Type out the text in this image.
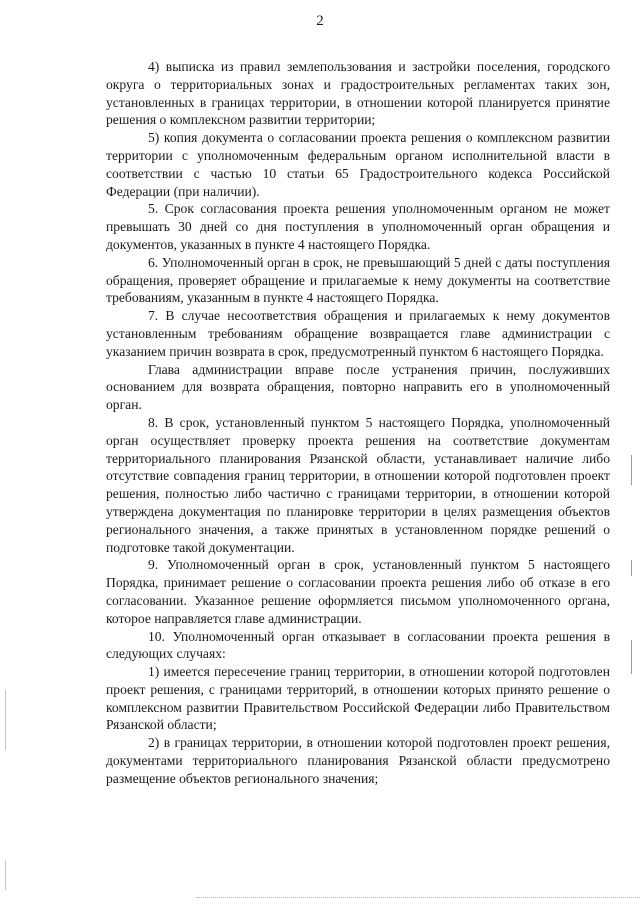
2

4) выписка из правил землепользования и застройки поселения, городского округа о территориальных зонах и градостроительных регламентах таких зон, установленных в границах территории, в отношении которой планируется принятие решения о комплексном развитии территории;

5) копия документа о согласовании проекта решения о комплексном развитии территории с уполномоченным федеральным органом исполнительной власти в соответствии с частью 10 статьи 65 Градостроительного кодекса Российской Федерации (при наличии).

5. Срок согласования проекта решения уполномоченным органом не может превышать 30 дней со дня поступления в уполномоченный орган обращения и документов, указанных в пункте 4 настоящего Порядка.

6. Уполномоченный орган в срок, не превышающий 5 дней с даты поступления обращения, проверяет обращение и прилагаемые к нему документы на соответствие требованиям, указанным в пункте 4 настоящего Порядка.

7. В случае несоответствия обращения и прилагаемых к нему документов установленным требованиям обращение возвращается главе администрации с указанием причин возврата в срок, предусмотренный пунктом 6 настоящего Порядка.

Глава администрации вправе после устранения причин, послуживших основанием для возврата обращения, повторно направить его в уполномоченный орган.

8. В срок, установленный пунктом 5 настоящего Порядка, уполномоченный орган осуществляет проверку проекта решения на соответствие документам территориального планирования Рязанской области, устанавливает наличие либо отсутствие совпадения границ территории, в отношении которой подготовлен проект решения, полностью либо частично с границами территории, в отношении которой утверждена документация по планировке территории в целях размещения объектов регионального значения, а также принятых в установленном порядке решений о подготовке такой документации.

9. Уполномоченный орган в срок, установленный пунктом 5 настоящего Порядка, принимает решение о согласовании проекта решения либо об отказе в его согласовании. Указанное решение оформляется письмом уполномоченного органа, которое направляется главе администрации.

10. Уполномоченный орган отказывает в согласовании проекта решения в следующих случаях:

1) имеется пересечение границ территории, в отношении которой подготовлен проект решения, с границами территорий, в отношении которых принято решение о комплексном развитии Правительством Российской Федерации либо Правительством Рязанской области;

2) в границах территории, в отношении которой подготовлен проект решения, документами территориального планирования Рязанской области предусмотрено размещение объектов регионального значения;
